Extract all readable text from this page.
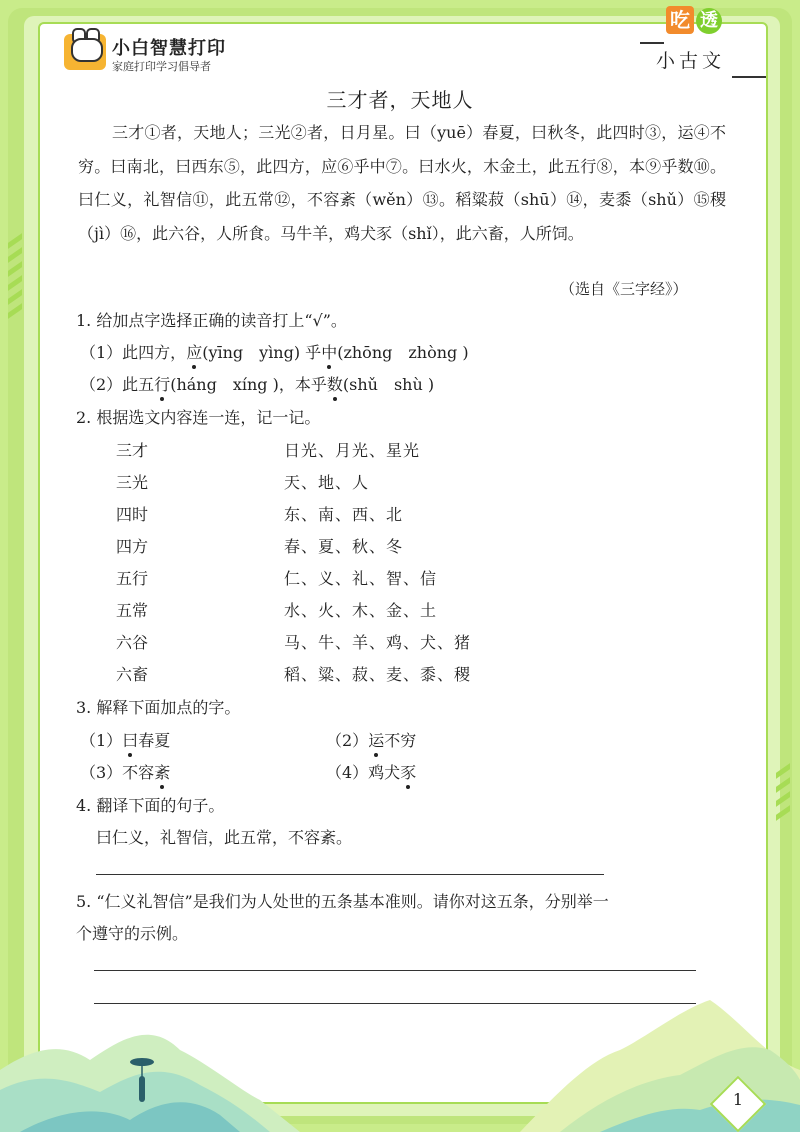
小白智慧打印
家庭打印学习倡导者
吃 透
小古文
三才者，天地人
三才①者，天地人；三光②者，日月星。曰（yuē）春夏，曰秋冬，此四时③，运④不穷。曰南北，曰西东⑤，此四方，应⑥乎中⑦。曰水火，木金土，此五行⑧，本⑨乎数⑩。曰仁义，礼智信⑪，此五常⑫，不容紊（wěn）⑬。稻粱菽（shū）⑭，麦黍（shǔ）⑮稷（jì）⑯，此六谷，人所食。马牛羊，鸡犬豕（shǐ），此六畜，人所饲。
（选自《三字经》）
1. 给加点字选择正确的读音打上“√”。
（1）此四方，应(yīng　yìng) 乎中(zhōng　zhòng )
（2）此五行(háng　xíng )，本乎数(shǔ　shù )
2. 根据选文内容连一连，记一记。
三才
三光
四时
四方
五行
五常
六谷
六畜
日光、月光、星光
天、地、人
东、南、西、北
春、夏、秋、冬
仁、义、礼、智、信
水、火、木、金、土
马、牛、羊、鸡、犬、猪
稻、粱、菽、麦、黍、稷
3. 解释下面加点的字。
（1）曰春夏	（2）运不穷
（3）不容紊	（4）鸡犬豕
4. 翻译下面的句子。
曰仁义，礼智信，此五常，不容紊。
5. “仁义礼智信”是我们为人处世的五条基本准则。请你对这五条，分别举一
个遵守的示例。
1
